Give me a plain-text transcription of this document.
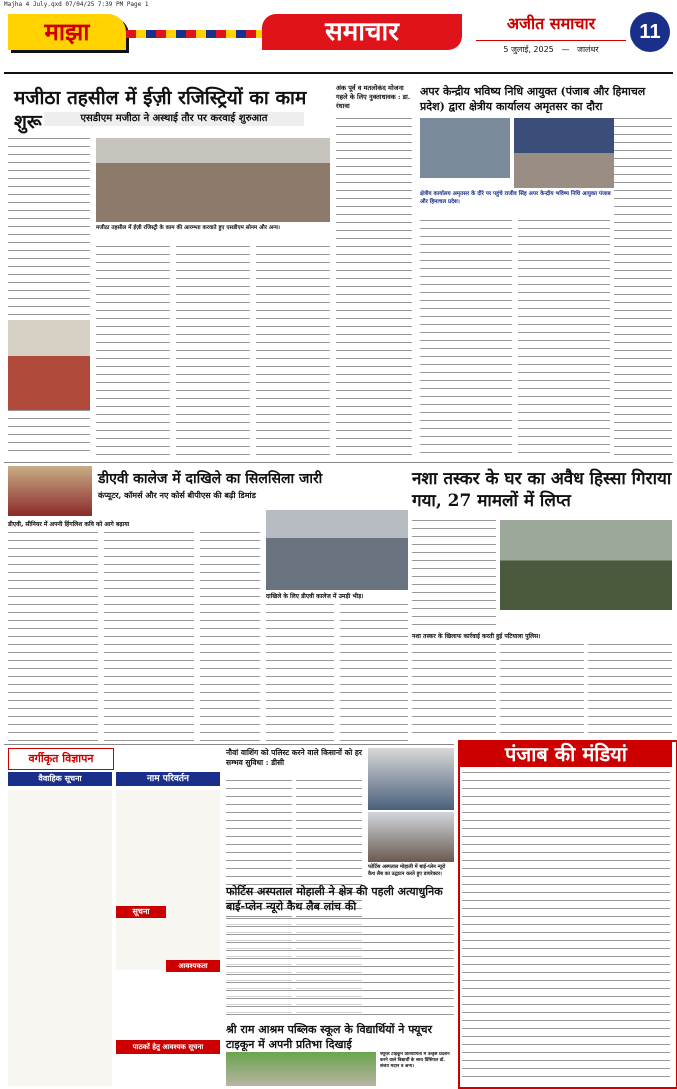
Majha 4 July.qxd 07/04/25 7:39 PM Page 1
माझा	समाचार	अजीत समाचार
5 जुलाई, 2025   —   जालंधर
11
मजीठा तहसील में ईज़ी रजिस्ट्रियों का काम शुरू	एसडीएम मजीठा ने अस्थाई तौर पर करवाई शुरुआत
मजीठा तहसील में ईज़ी रजिस्ट्री के काम की आरम्भ्ता करवाते हुए एसडीएम सोनम और अन्य।
अंक पूर्व व मतलोकंद मोजना गहले के लिए नुक्ताधावक : डा. रंधावा
अपर केन्द्रीय भविष्य निधि आयुक्त (पंजाब और हिमाचल प्रदेश) द्वारा क्षेत्रीय कार्यालय अमृतसर का दौरा
क्षेत्रीय कार्यालय अमृतसर के दौरे पर पहुंचे राजीव सिंह अपर केन्द्रीय भविष्य निधि आयुक्त पंजाब और हिमाचल प्रदेश।
डीएवी कालेज में दाखिले का सिलसिला जारी
कंप्यूटर, कॉमर्स और नए कोर्स बीपीएस की बढ़ी डिमांड
डीएवी, सीनियर में अपनी हिंगलिश कवि को आगे बढ़ाया
दाखिले के लिए डीएवी कालेज में उमड़ी भीड़।
नशा तस्कर के घर का अवैध हिस्सा गिराया गया, 27 मामलों में लिप्त
नशा तस्कर के खिलाफ कार्रवाई करती हुई पटियाला पुलिस।
वर्गीकृत विज्ञापन
वैवाहिक सूचना	नाम परिवर्तन
सूचना
आवश्यकता
पाठकों हेतु आवश्यक सूचना
नौवां वाशिंग को पलिस्ट करने वाले किसानों को हर सम्भव सुविधा : डीसी
फोर्टिस अस्पताल मोहाली में बाई-प्लेन न्यूरो कैथ लैब का उद्घाटन करते हुए डायरेक्टर।
फोर्टिस अस्पताल मोहाली ने क्षेत्र की पहली अत्याधुनिक बाई-प्लेन न्यूरो कैथ लैब लांच की
श्री राम आश्रम पब्लिक स्कूल के विद्यार्थियों ने फ्यूचर टाइकून में अपनी प्रतिभा दिखाई
फ्यूचर टाइकून प्रतियोगिता में उत्कृष्ट प्रदर्शन करने वाले विद्यार्थी के साथ प्रिंसिपल डॉ. संजय मदान व अन्य।
पंजाब की मंडियां
